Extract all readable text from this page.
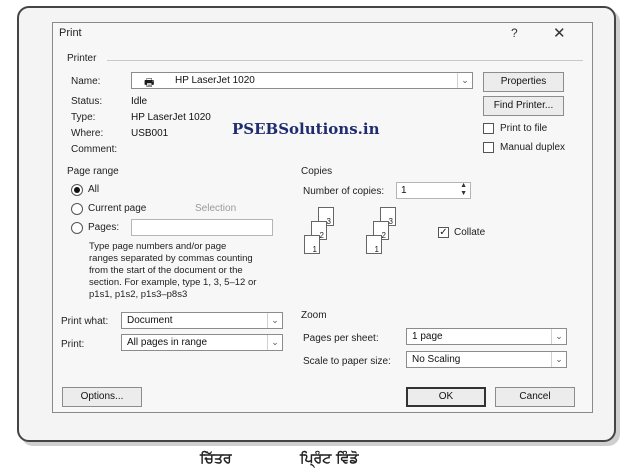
Print	? ✕
Printer
Name:	🖶 HP LaserJet 1020	⌄	Properties
Status:	Idle	Find Printer...
Type:	HP LaserJet 1020
Print to file
Where:	USB001
Manual duplex
Comment:
Page range
All
Current page	Selection
Pages:
Type page numbers and/or page
ranges separated by commas counting
from the start of the document or the
section. For example, type 1, 3, 5–12 or
p1s1, p1s2, p1s3–p8s3
Copies
Number of copies: 1	▲
▼
3
2
1
3
2
1
✓ Collate
Print what: Document	⌄
Print:	All pages in range	⌄
Zoom
Pages per sheet:	1 page	⌄
Scale to paper size: No Scaling	⌄
Options...	OK	Cancel
PSEBSolutions.in
ਚਿੱਤਰ	ਪ੍ਰਿੰਟ ਵਿੰਡੋ
